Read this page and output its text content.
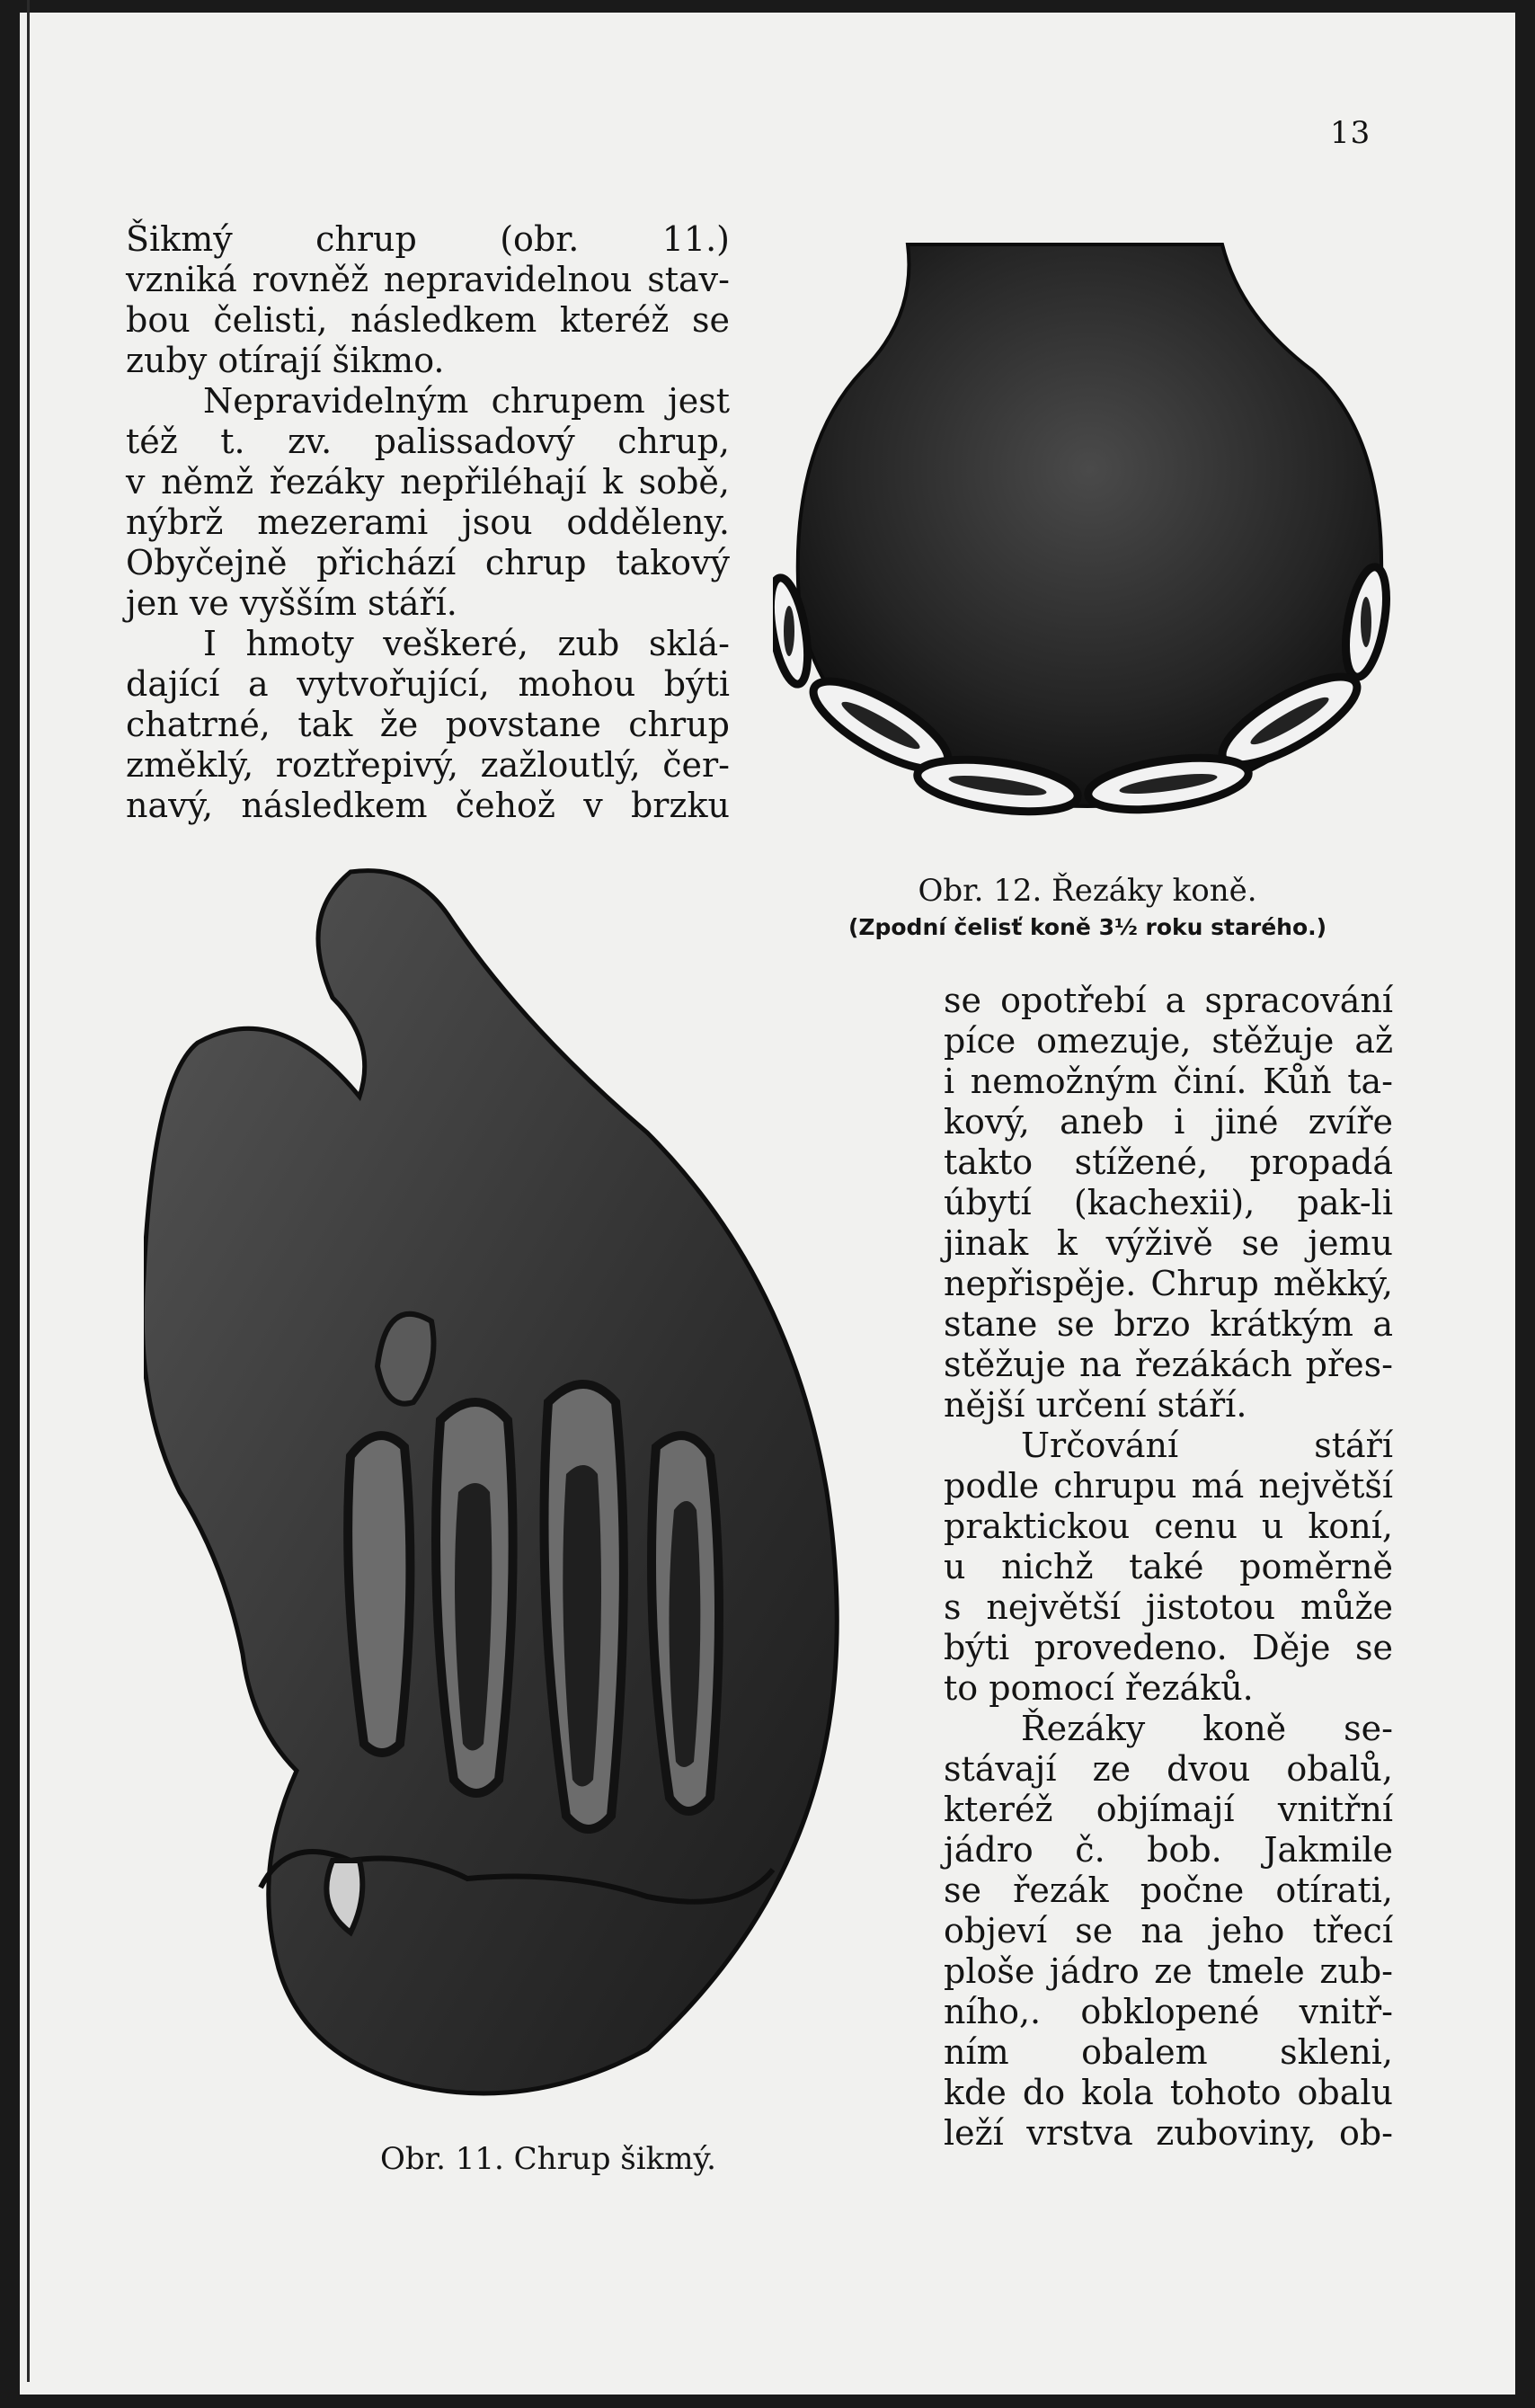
13
Šikmý chrup (obr. 11.)
vzniká rovněž nepravidelnou stav-
bou čelisti, následkem kteréž se
zuby otírají šikmo.
Nepravidelným chrupem jest
též t. zv. palissadový chrup,
v němž řezáky nepřiléhají k sobě,
nýbrž mezerami jsou odděleny.
Obyčejně přichází chrup takový
jen ve vyšším stáří.
I hmoty veškeré, zub sklá-
dající a vytvořující, mohou býti
chatrné, tak že povstane chrup
změklý, roztřepivý, zažloutlý, čer-
navý, následkem čehož v brzku
Obr. 12. Řezáky koně.
(Zpodní čelisť koně 3½ roku starého.)
Obr. 11. Chrup šikmý.
se opotřebí a spracování
píce omezuje, stěžuje až
i nemožným činí. Kůň ta-
kový, aneb i jiné zvíře
takto stížené, propadá
úbytí (kachexii), pak-li
jinak k výživě se jemu
nepřispěje. Chrup měkký,
stane se brzo krátkým a
stěžuje na řezákách přes-
nější určení stáří.
Určování stáří
podle chrupu má největší
praktickou cenu u koní,
u nichž také poměrně
s největší jistotou může
býti provedeno. Děje se
to pomocí řezáků.
Řezáky koně se-
stávají ze dvou obalů,
kteréž objímají vnitřní
jádro č. bob. Jakmile
se řezák počne otírati,
objeví se na jeho třecí
ploše jádro ze tmele zub-
ního,. obklopené vnitř-
ním obalem skleni,
kde do kola tohoto obalu
leží vrstva zuboviny, ob-
